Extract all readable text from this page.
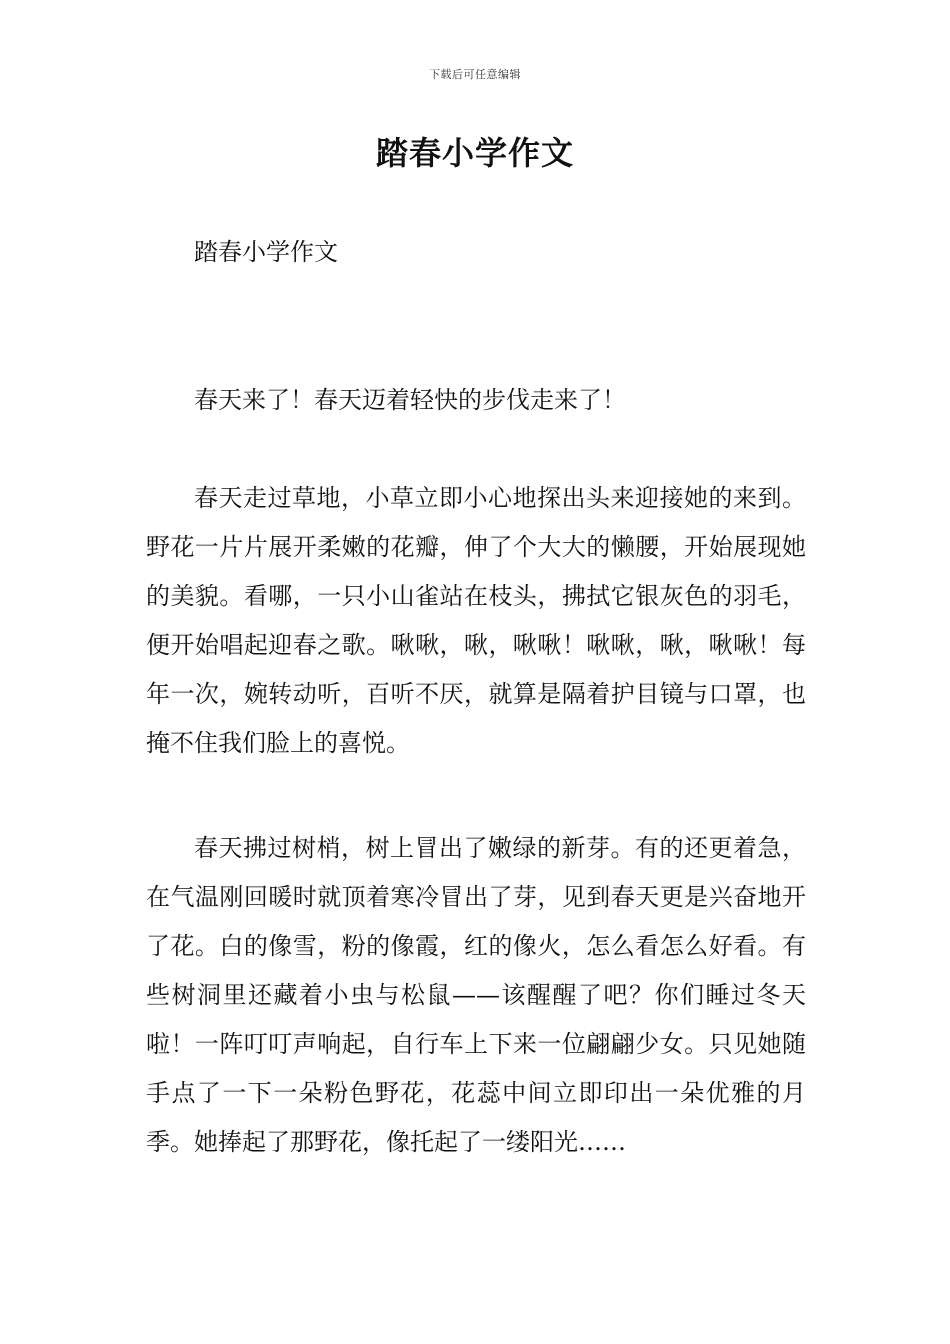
下载后可任意编辑
踏春小学作文

踏春小学作文

春天来了！春天迈着轻快的步伐走来了！

春天走过草地，小草立即小心地探出头来迎接她的来到。野花一片片展开柔嫩的花瓣，伸了个大大的懒腰，开始展现她的美貌。看哪，一只小山雀站在枝头，拂拭它银灰色的羽毛，便开始唱起迎春之歌。啾啾，啾，啾啾！啾啾，啾，啾啾！每年一次，婉转动听，百听不厌，就算是隔着护目镜与口罩，也掩不住我们脸上的喜悦。

春天拂过树梢，树上冒出了嫩绿的新芽。有的还更着急，在气温刚回暖时就顶着寒冷冒出了芽，见到春天更是兴奋地开了花。白的像雪，粉的像霞，红的像火，怎么看怎么好看。有些树洞里还藏着小虫与松鼠——该醒醒了吧？你们睡过冬天啦！一阵叮叮声响起，自行车上下来一位翩翩少女。只见她随手点了一下一朵粉色野花，花蕊中间立即印出一朵优雅的月季。她捧起了那野花，像托起了一缕阳光……
